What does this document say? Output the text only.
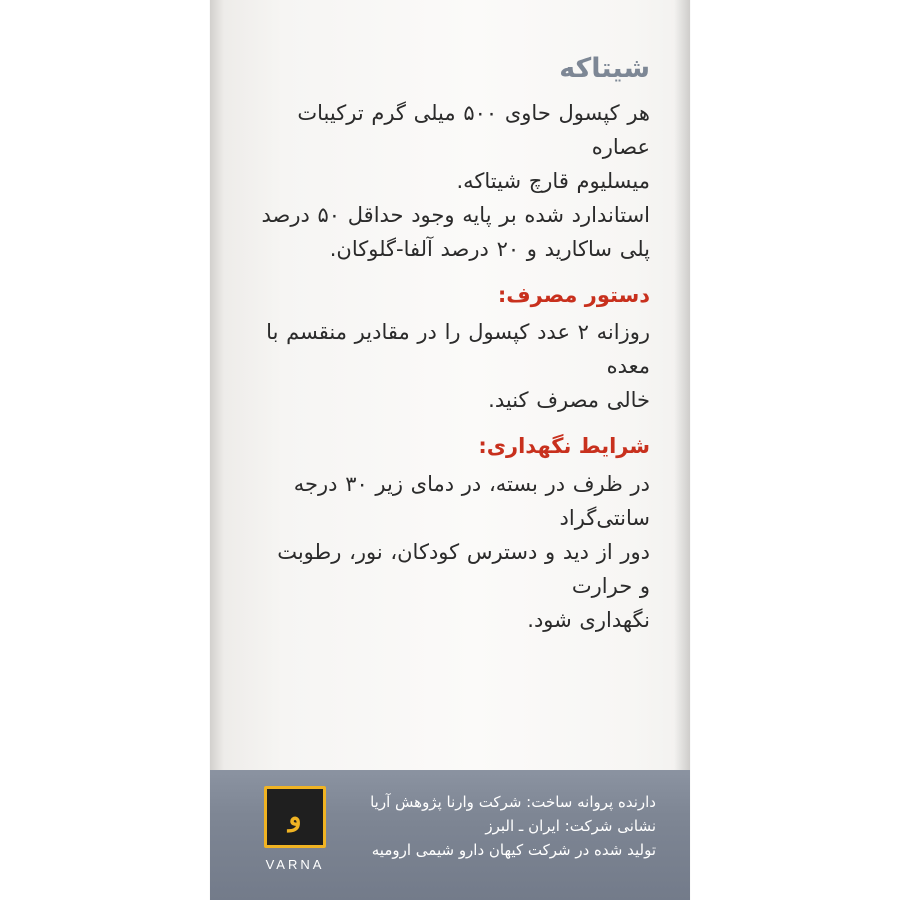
شیتاکه
هر کپسول حاوی ۵۰۰ میلی گرم ترکیبات عصاره
میسلیوم قارچ شیتاکه.
استاندارد شده بر پایه وجود حداقل ۵۰ درصد
پلی ساکارید و ۲۰ درصد آلفا-گلوکان.
دستور مصرف:
روزانه ۲ عدد کپسول را در مقادیر منقسم با معده
خالی مصرف کنید.
شرایط نگهداری:
در ظرف در بسته، در دمای زیر ۳۰ درجه سانتی‌گراد
دور از دید و دسترس کودکان، نور، رطوبت و حرارت
نگهداری شود.
دارنده پروانه ساخت: شرکت وارنا پژوهش آریا
نشانی شرکت: ایران ـ البرز
تولید شده در شرکت کیهان دارو شیمی ارومیه
و
VARNA
